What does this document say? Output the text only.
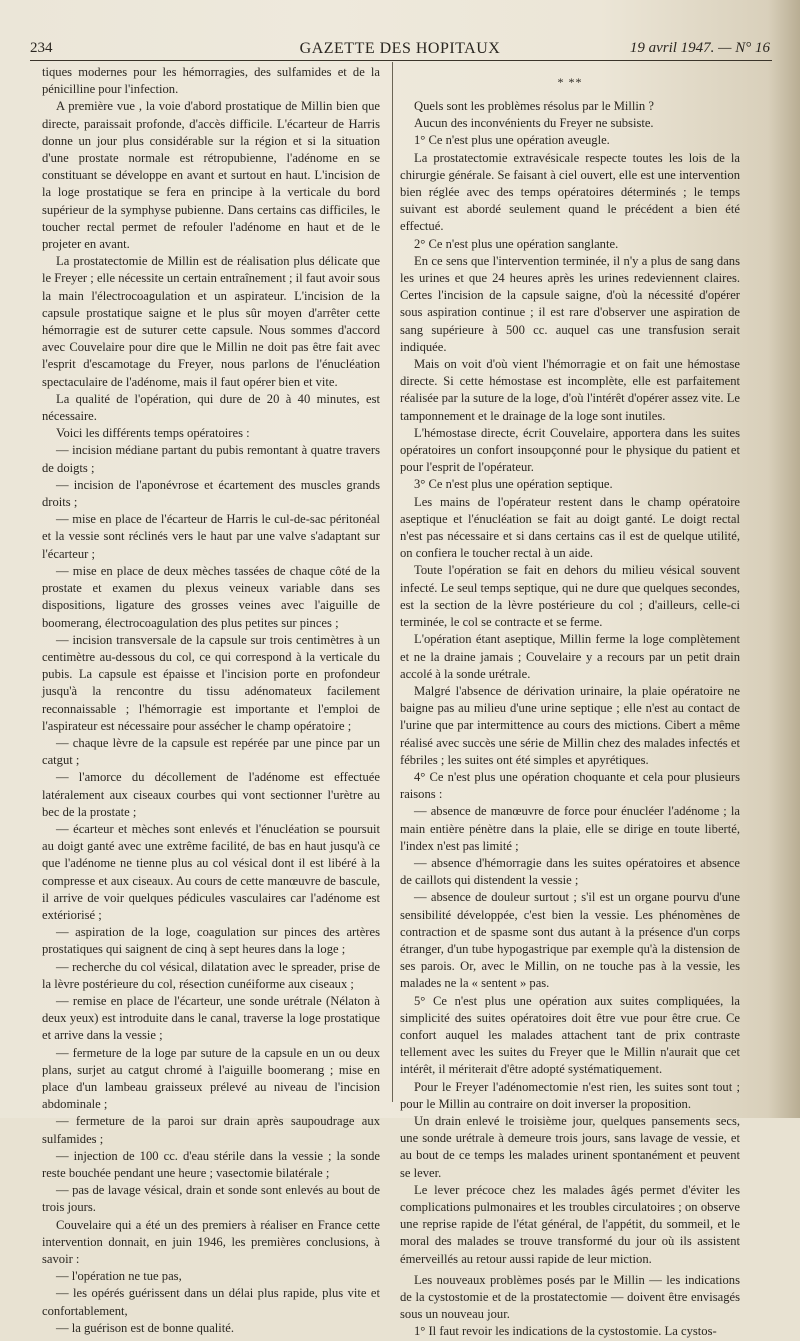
234	GAZETTE DES HOPITAUX	19 avril 1947. — N° 16

tiques modernes pour les hémorragies, des sulfamides et de la pénicilline pour l'infection.

A première vue , la voie d'abord prostatique de Millin bien que directe, paraissait profonde, d'accès difficile. L'écarteur de Harris donne un jour plus considérable sur la région et si la situation d'une prostate normale est rétropubienne, l'adénome en se constituant se développe en avant et surtout en haut. L'incision de la loge prostatique se fera en principe à la verticale du bord supérieur de la symphyse pubienne. Dans certains cas difficiles, le toucher rectal permet de refouler l'adénome en haut et de le projeter en avant.

La prostatectomie de Millin est de réalisation plus délicate que le Freyer ; elle nécessite un certain entraînement ; il faut avoir sous la main l'électrocoagulation et un aspirateur. L'incision de la capsule prostatique saigne et le plus sûr moyen d'arrêter cette hémorragie est de suturer cette capsule. Nous sommes d'accord avec Couvelaire pour dire que le Millin ne doit pas être fait avec l'esprit d'escamotage du Freyer, nous parlons de l'énucléation spectaculaire de l'adénome, mais il faut opérer bien et vite.

La qualité de l'opération, qui dure de 20 à 40 minutes, est nécessaire.

Voici les différents temps opératoires :

— incision médiane partant du pubis remontant à quatre travers de doigts ;

— incision de l'aponévrose et écartement des muscles grands droits ;

— mise en place de l'écarteur de Harris le cul-de-sac péritonéal et la vessie sont réclinés vers le haut par une valve s'adaptant sur l'écarteur ;

— mise en place de deux mèches tassées de chaque côté de la prostate et examen du plexus veineux variable dans ses dispositions, ligature des grosses veines avec l'aiguille de boomerang, électrocoagulation des plus petites sur pinces ;

— incision transversale de la capsule sur trois centimètres à un centimètre au-dessous du col, ce qui correspond à la verticale du pubis. La capsule est épaisse et l'incision porte en profondeur jusqu'à la rencontre du tissu adénomateux facilement reconnaissable ; l'hémorragie est importante et l'emploi de l'aspirateur est nécessaire pour assécher le champ opératoire ;

— chaque lèvre de la capsule est repérée par une pince par un catgut ;

— l'amorce du décollement de l'adénome est effectuée latéralement aux ciseaux courbes qui vont sectionner l'urètre au bec de la prostate ;

— écarteur et mèches sont enlevés et l'énucléation se poursuit au doigt ganté avec une extrême facilité, de bas en haut jusqu'à ce que l'adénome ne tienne plus au col vésical dont il est libéré à la compresse et aux ciseaux. Au cours de cette manœuvre de bascule, il arrive de voir quelques pédicules vasculaires car l'adénome est extériorisé ;

— aspiration de la loge, coagulation sur pinces des artères prostatiques qui saignent de cinq à sept heures dans la loge ;

— recherche du col vésical, dilatation avec le spreader, prise de la lèvre postérieure du col, résection cunéiforme aux ciseaux ;

— remise en place de l'écarteur, une sonde urétrale (Nélaton à deux yeux) est introduite dans le canal, traverse la loge prostatique et arrive dans la vessie ;

— fermeture de la loge par suture de la capsule en un ou deux plans, surjet au catgut chromé à l'aiguille boomerang ; mise en place d'un lambeau graisseux prélevé au niveau de l'incision abdominale ;

— fermeture de la paroi sur drain après saupoudrage aux sulfamides ;

— injection de 100 cc. d'eau stérile dans la vessie ; la sonde reste bouchée pendant une heure ; vasectomie bilatérale ;

— pas de lavage vésical, drain et sonde sont enlevés au bout de trois jours.

Couvelaire qui a été un des premiers à réaliser en France cette intervention donnait, en juin 1946, les premières conclusions, à savoir :

— l'opération ne tue pas,

— les opérés guérissent dans un délai plus rapide, plus vite et confortablement,

— la guérison est de bonne qualité.

* **

Quels sont les problèmes résolus par le Millin ?

Aucun des inconvénients du Freyer ne subsiste.

1° Ce n'est plus une opération aveugle.

La prostatectomie extravésicale respecte toutes les lois de la chirurgie générale. Se faisant à ciel ouvert, elle est une intervention bien réglée avec des temps opératoires déterminés ; le temps suivant est abordé seulement quand le précédent a bien été effectué.

2° Ce n'est plus une opération sanglante.

En ce sens que l'intervention terminée, il n'y a plus de sang dans les urines et que 24 heures après les urines redeviennent claires. Certes l'incision de la capsule saigne, d'où la nécessité d'opérer sous aspiration continue ; il est rare d'observer une aspiration de sang supérieure à 500 cc. auquel cas une transfusion serait indiquée.

Mais on voit d'où vient l'hémorragie et on fait une hémostase directe. Si cette hémostase est incomplète, elle est parfaitement réalisée par la suture de la loge, d'où l'intérêt d'opérer assez vite. Le tamponnement et le drainage de la loge sont inutiles.

L'hémostase directe, écrit Couvelaire, apportera dans les suites opératoires un confort insoupçonné pour le physique du patient et pour l'esprit de l'opérateur.

3° Ce n'est plus une opération septique.

Les mains de l'opérateur restent dans le champ opératoire aseptique et l'énucléation se fait au doigt ganté. Le doigt rectal n'est pas nécessaire et si dans certains cas il est de quelque utilité, on confiera le toucher rectal à un aide.

Toute l'opération se fait en dehors du milieu vésical souvent infecté. Le seul temps septique, qui ne dure que quelques secondes, est la section de la lèvre postérieure du col ; d'ailleurs, celle-ci terminée, le col se contracte et se ferme.

L'opération étant aseptique, Millin ferme la loge complètement et ne la draine jamais ; Couvelaire y a recours par un petit drain accolé à la sonde urétrale.

Malgré l'absence de dérivation urinaire, la plaie opératoire ne baigne pas au milieu d'une urine septique ; elle n'est au contact de l'urine que par intermittence au cours des mictions. Cibert a même réalisé avec succès une série de Millin chez des malades infectés et fébriles ; les suites ont été simples et apyrétiques.

4° Ce n'est plus une opération choquante et cela pour plusieurs raisons :

— absence de manœuvre de force pour énucléer l'adénome ; la main entière pénètre dans la plaie, elle se dirige en toute liberté, l'index n'est pas limité ;

— absence d'hémorragie dans les suites opératoires et absence de caillots qui distendent la vessie ;

— absence de douleur surtout ; s'il est un organe pourvu d'une sensibilité développée, c'est bien la vessie. Les phénomènes de contraction et de spasme sont dus autant à la présence d'un corps étranger, d'un tube hypogastrique par exemple qu'à la distension de ses parois. Or, avec le Millin, on ne touche pas à la vessie, les malades ne la « sentent » pas.

5° Ce n'est plus une opération aux suites compliquées, la simplicité des suites opératoires doit être vue pour être crue. Ce confort auquel les malades attachent tant de prix contraste tellement avec les suites du Freyer que le Millin n'aurait que cet intérêt, il mériterait d'être adopté systématiquement.

Pour le Freyer l'adénomectomie n'est rien, les suites sont tout ; pour le Millin au contraire on doit inverser la proposition.

Un drain enlevé le troisième jour, quelques pansements secs, une sonde urétrale à demeure trois jours, sans lavage de vessie, et au bout de ce temps les malades urinent spontanément et peuvent se lever.

Le lever précoce chez les malades âgés permet d'éviter les complications pulmonaires et les troubles circulatoires ; on observe une reprise rapide de l'état général, de l'appétit, du sommeil, et le moral des malades se trouve transformé du jour où ils assistent émerveillés au retour aussi rapide de leur miction.

Les nouveaux problèmes posés par le Millin — les indications de la cystostomie et de la prostatectomie — doivent être envisagés sous un nouveau jour.

1° Il faut revoir les indications de la cystostomie. La cystos-
